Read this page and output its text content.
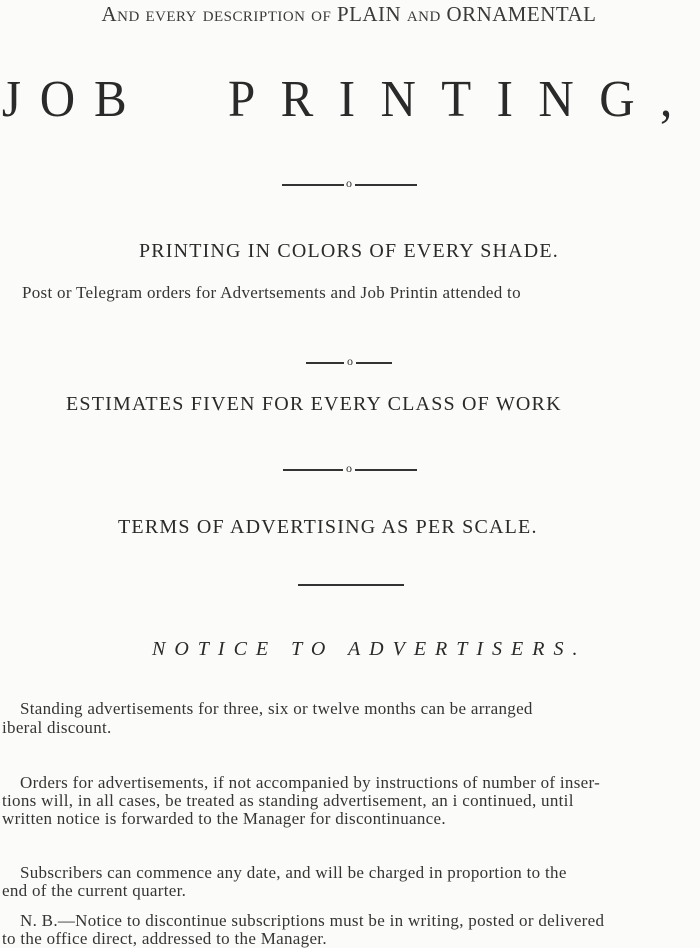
And every description of PLAIN and ORNAMENTAL
JOB PRINTING,
o
PRINTING IN COLORS OF EVERY SHADE.
Post or Telegram orders for Advertsements and Job Printin attended to
o
ESTIMATES FIVEN FOR EVERY CLASS OF WORK
o
TERMS OF ADVERTISING AS PER SCALE.
NOTICE TO ADVERTISERS.
Standing advertisements for three, six or twelve months can be arranged
iberal discount.
Orders for advertisements, if not accompanied by instructions of number of inser-
tions will, in all cases, be treated as standing advertisement, an i continued, until
written notice is forwarded to the Manager for discontinuance.
Subscribers can commence any date, and will be charged in proportion to the
end of the current quarter.
N. B.—Notice to discontinue subscriptions must be in writing, posted or delivered
to the office direct, addressed to the Manager.
